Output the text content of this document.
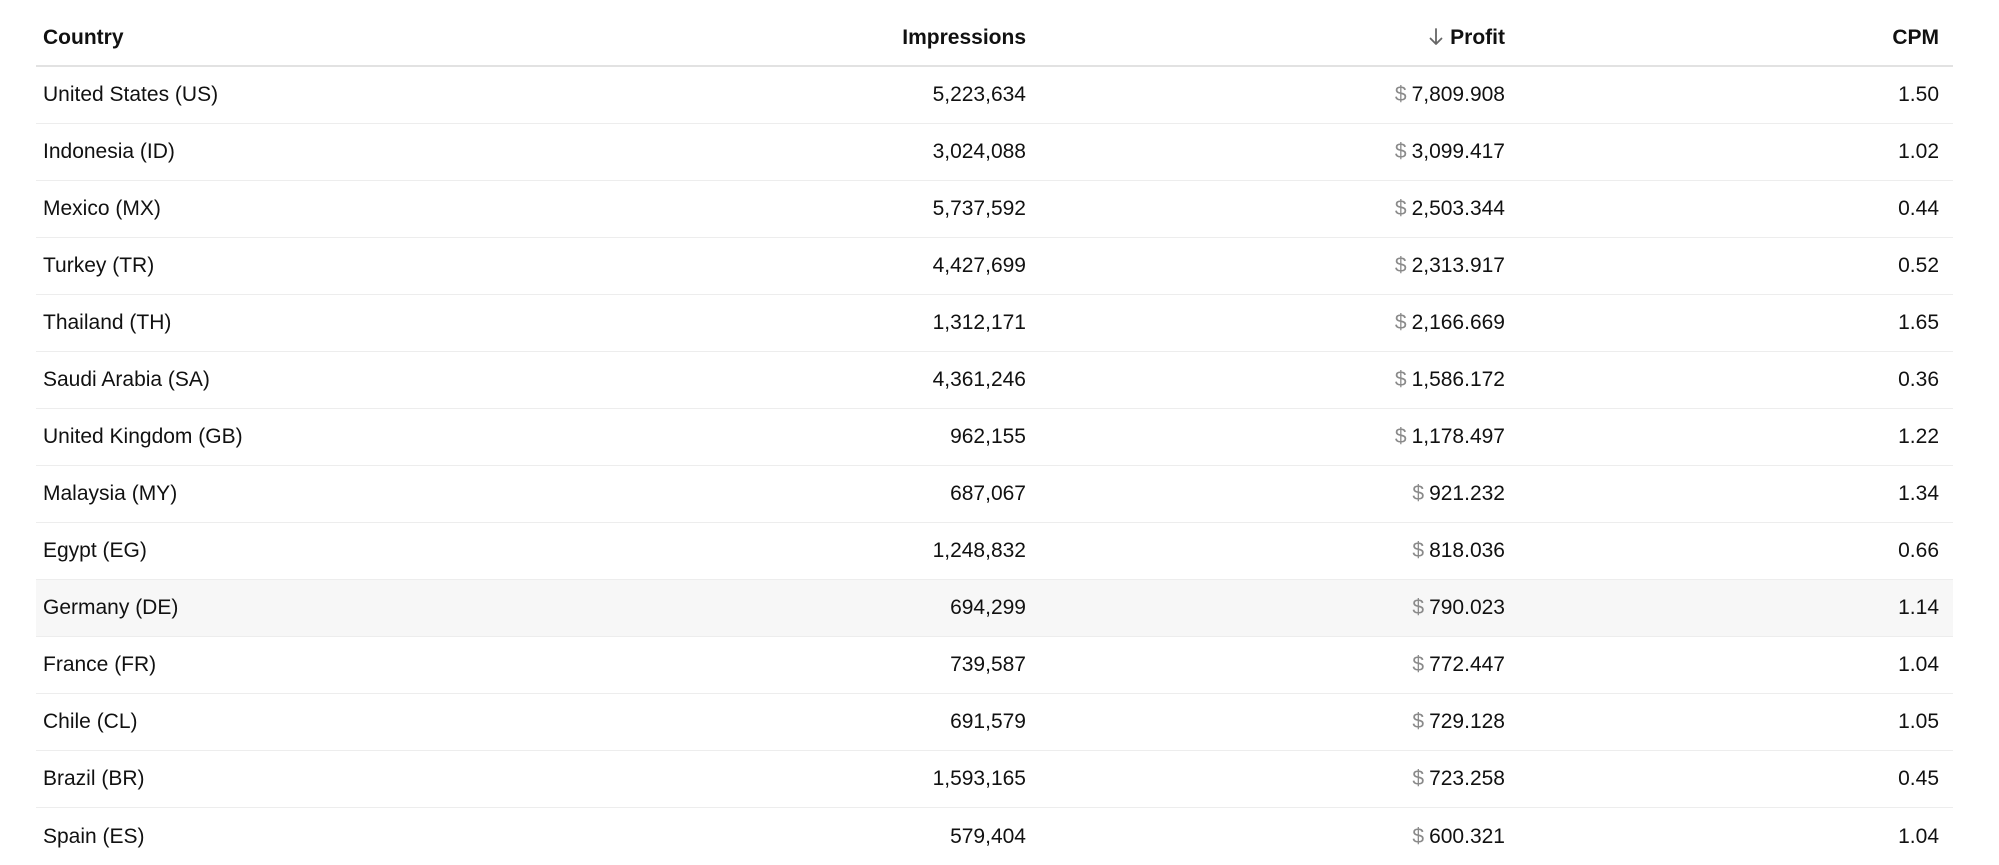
Country	Impressions	Profit	CPM
United States (US)	5,223,634	$ 7,809.908	1.50
Indonesia (ID)	3,024,088	$ 3,099.417	1.02
Mexico (MX)	5,737,592	$ 2,503.344	0.44
Turkey (TR)	4,427,699	$ 2,313.917	0.52
Thailand (TH)	1,312,171	$ 2,166.669	1.65
Saudi Arabia (SA)	4,361,246	$ 1,586.172	0.36
United Kingdom (GB)	962,155	$ 1,178.497	1.22
Malaysia (MY)	687,067	$ 921.232	1.34
Egypt (EG)	1,248,832	$ 818.036	0.66
Germany (DE)	694,299	$ 790.023	1.14
France (FR)	739,587	$ 772.447	1.04
Chile (CL)	691,579	$ 729.128	1.05
Brazil (BR)	1,593,165	$ 723.258	0.45
Spain (ES)	579,404	$ 600.321	1.04
